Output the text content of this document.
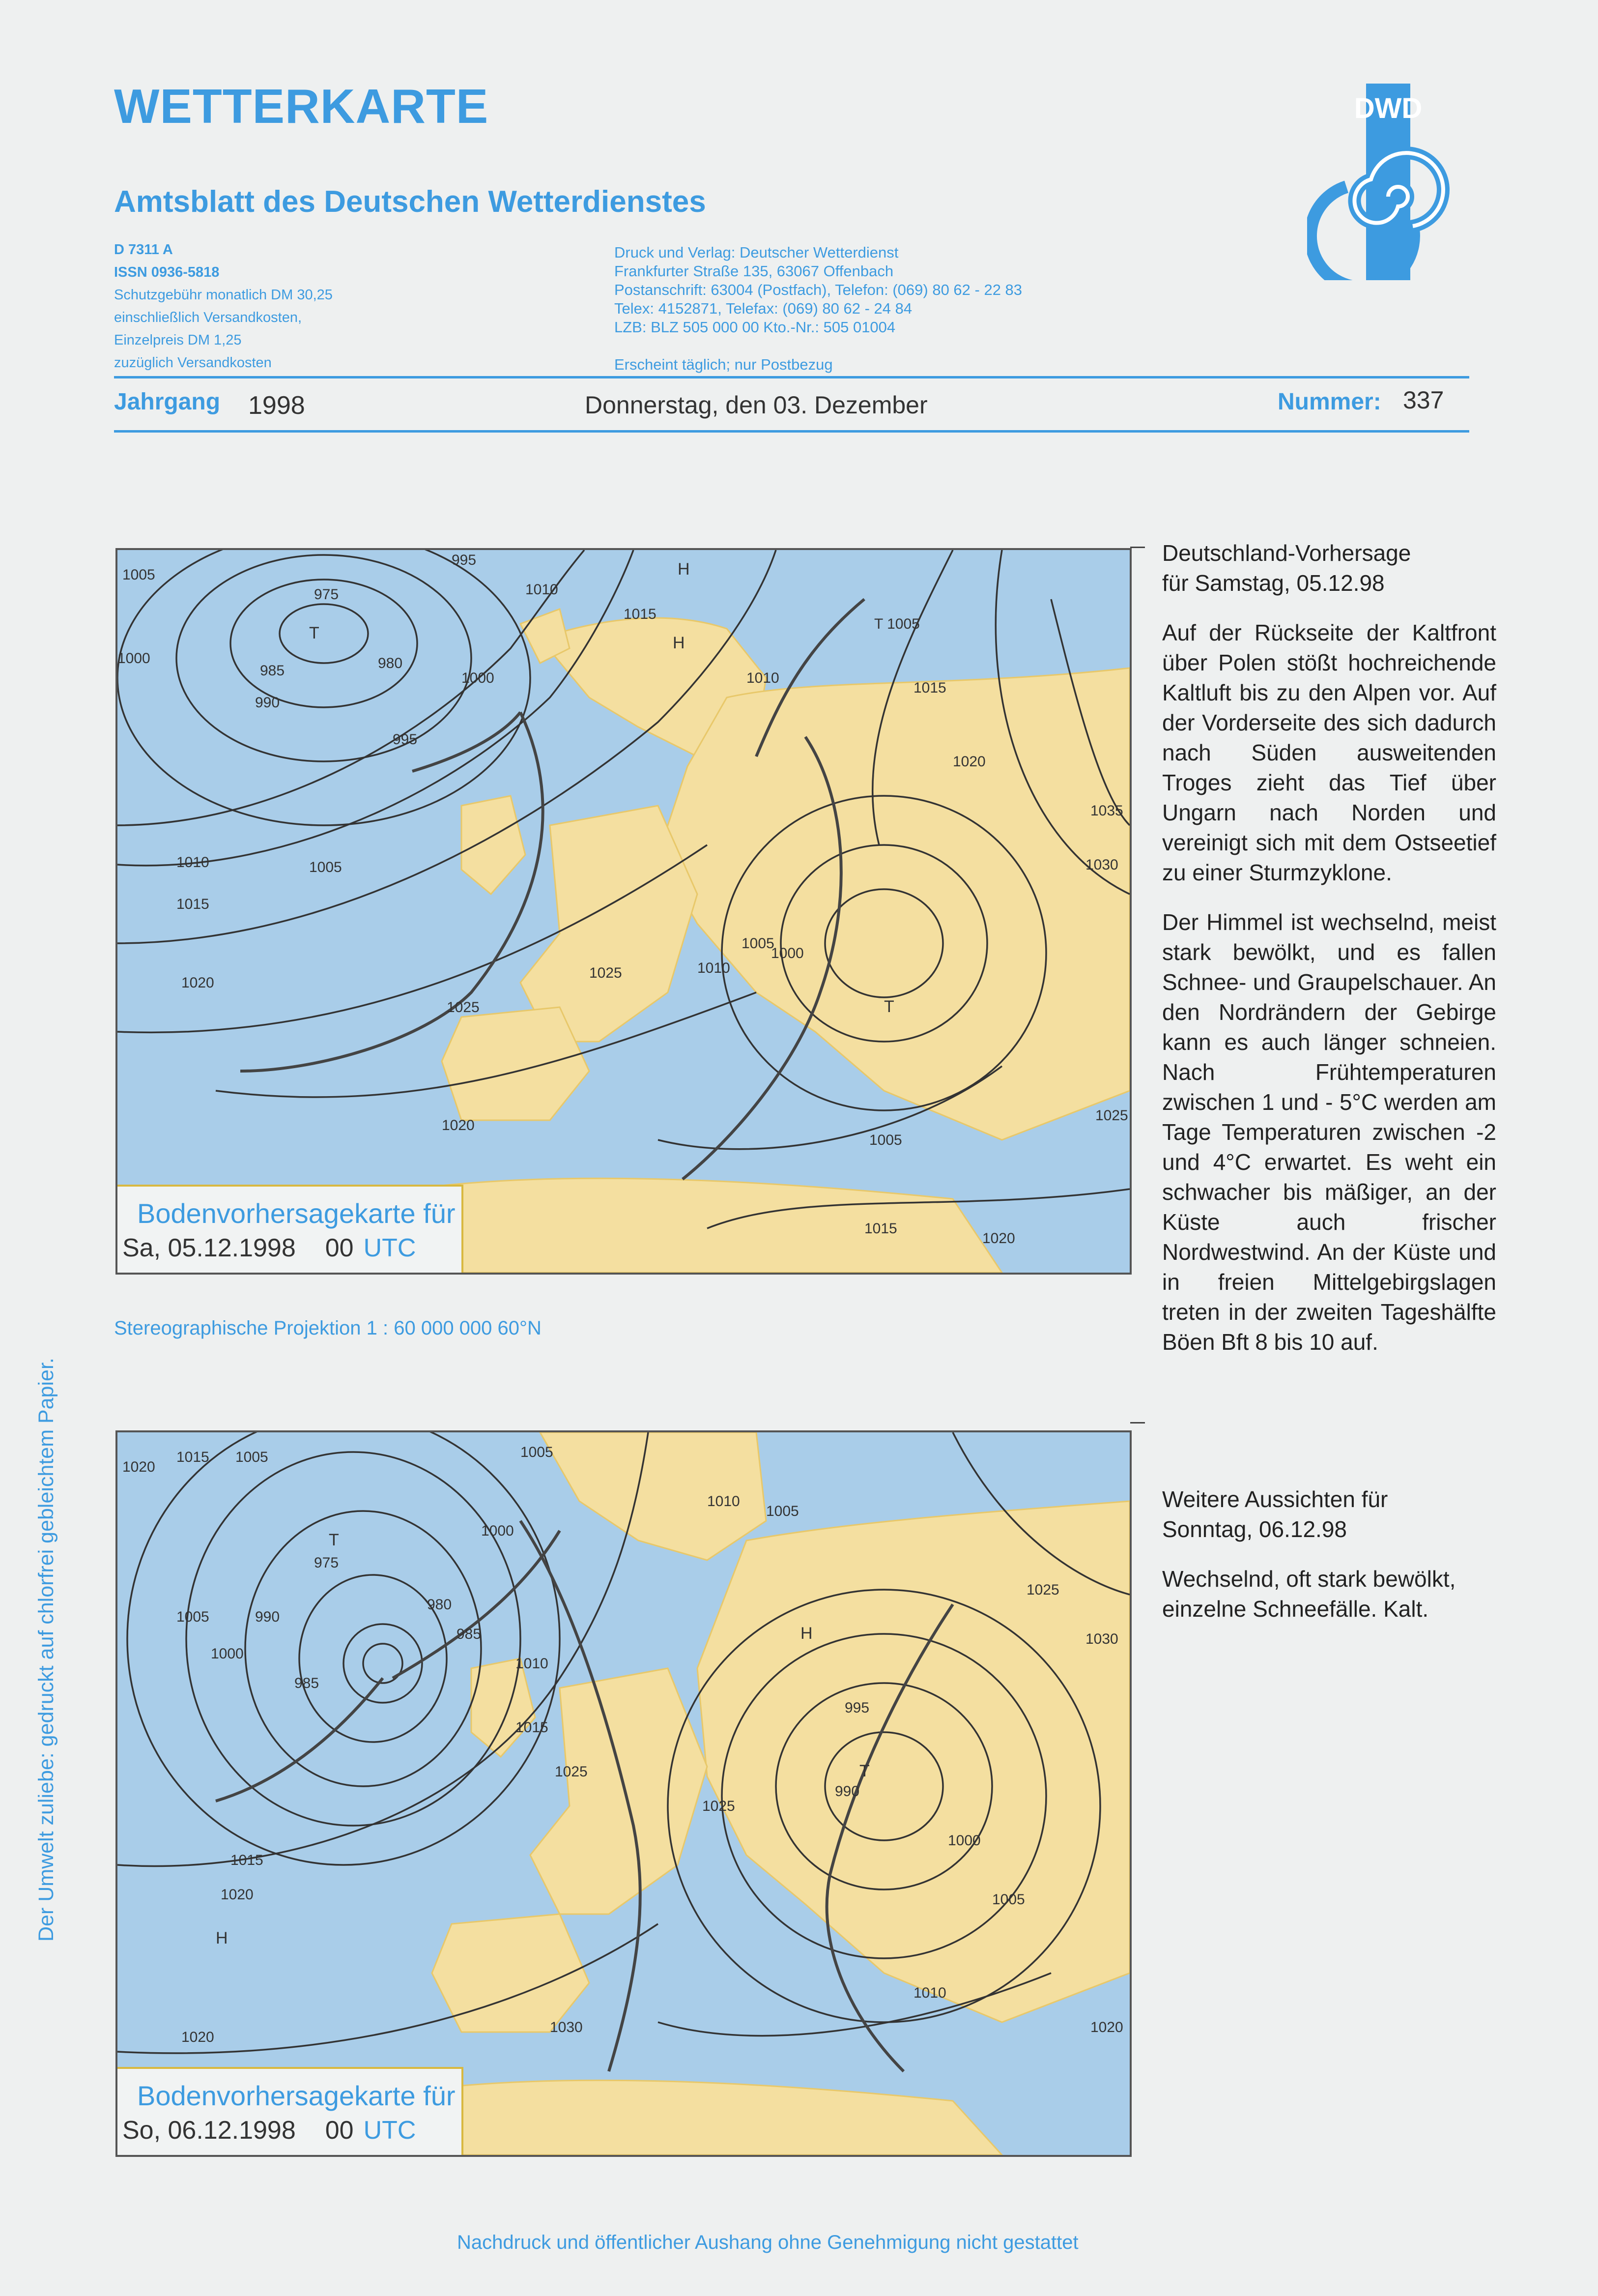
WETTERKARTE
Amtsblatt des Deutschen Wetterdienstes
D 7311 A
ISSN 0936-5818
Schutzgebühr monatlich DM 30,25
einschließlich Versandkosten,
Einzelpreis DM 1,25
zuzüglich Versandkosten
Druck und Verlag: Deutscher Wetterdienst
Frankfurter Straße 135, 63067 Offenbach
Postanschrift: 63004 (Postfach), Telefon: (069) 80 62 - 22 83
Telex: 4152871, Telefax: (069) 80 62 - 24 84
LZB: BLZ 505 000 00 Kto.-Nr.: 505 01004
Erscheint täglich; nur Postbezug
DWD
Jahrgang 1998	Donnerstag, den 03. Dezember	Nummer: 337
1005
975
995
1010
1015
1000
985	980
990
1000
1015
1020
H
T
995
1005
1010
1025
1020
1025
1010
1000
1005
1010
1015
1020
1035
1030
1025
H
T
1005
1015
1020
T 1005
Bodenvorhersagekarte für
Sa, 05.12.1998 00 UTC
Stereographische Projektion 1 : 60 000 000 60°N
1020
1015 1005	1005
975
T	1000
990
980
985
1005
1000
985
1010
1015
1025
1015
1020
1030
1025
1010
995
990
T
1000
1005
1010
1020
1025
1030
H
H
1005
1020
Bodenvorhersagekarte für
So, 06.12.1998 00 UTC
Deutschland-Vorhersage
für Samstag, 05.12.98

Auf der Rückseite der Kaltfront über Polen stößt hochreichende Kaltluft bis zu den Alpen vor. Auf der Vorderseite des sich dadurch nach Süden ausweitenden Troges zieht das Tief über Ungarn nach Norden und vereinigt sich mit dem Ostseetief zu einer Sturmzyklone.

Der Himmel ist wechselnd, meist stark bewölkt, und es fallen Schnee- und Graupelschauer. An den Nordrändern der Gebirge kann es auch länger schneien. Nach Frühtemperaturen zwischen 1 und - 5°C werden am Tage Temperaturen zwischen -2 und 4°C erwartet. Es weht ein schwacher bis mäßiger, an der Küste auch frischer Nordwestwind. An der Küste und in freien Mittelgebirgslagen treten in der zweiten Tageshälfte Böen Bft 8 bis 10 auf.

Weitere Aussichten für
Sonntag, 06.12.98

Wechselnd, oft stark bewölkt, einzelne Schneefälle. Kalt.

Der Umwelt zuliebe: gedruckt auf chlorfrei gebleichtem Papier.
Nachdruck und öffentlicher Aushang ohne Genehmigung nicht gestattet
